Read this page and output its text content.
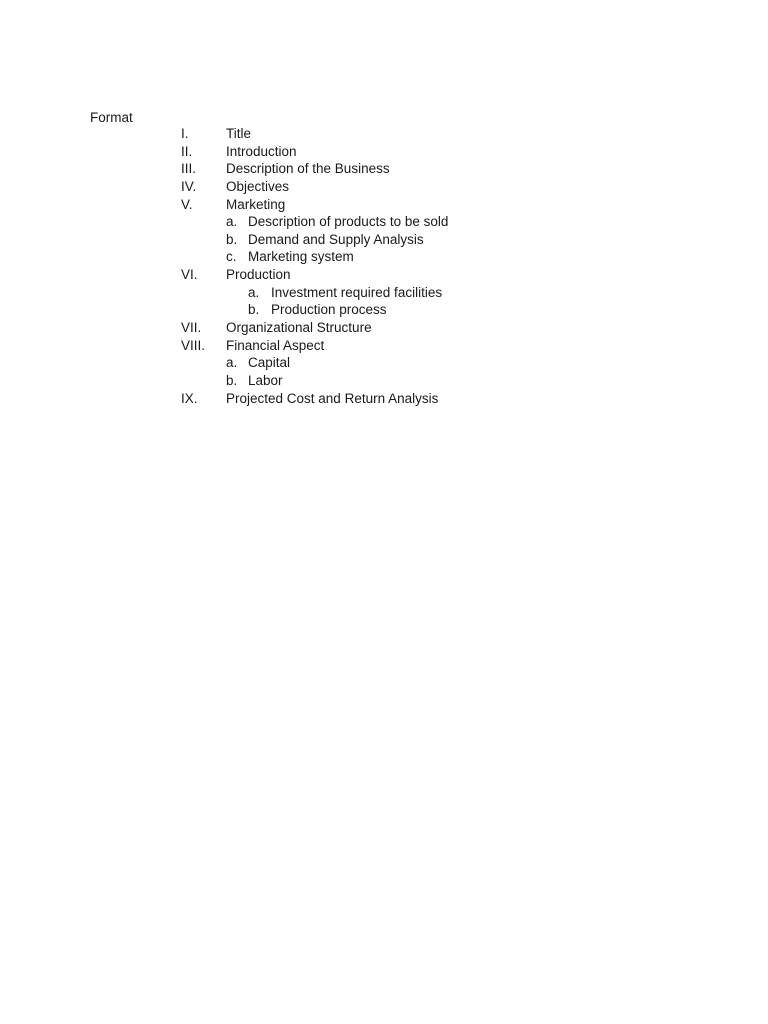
Format
I.	Title
II. Introduction
III. Description of the Business
IV. Objectives
V. Marketing
a. Description of products to be sold
b. Demand and Supply Analysis
c. Marketing system
VI. Production
a. Investment required facilities
b. Production process
VII. Organizational Structure
VIII. Financial Aspect
a. Capital
b. Labor
IX. Projected Cost and Return Analysis
